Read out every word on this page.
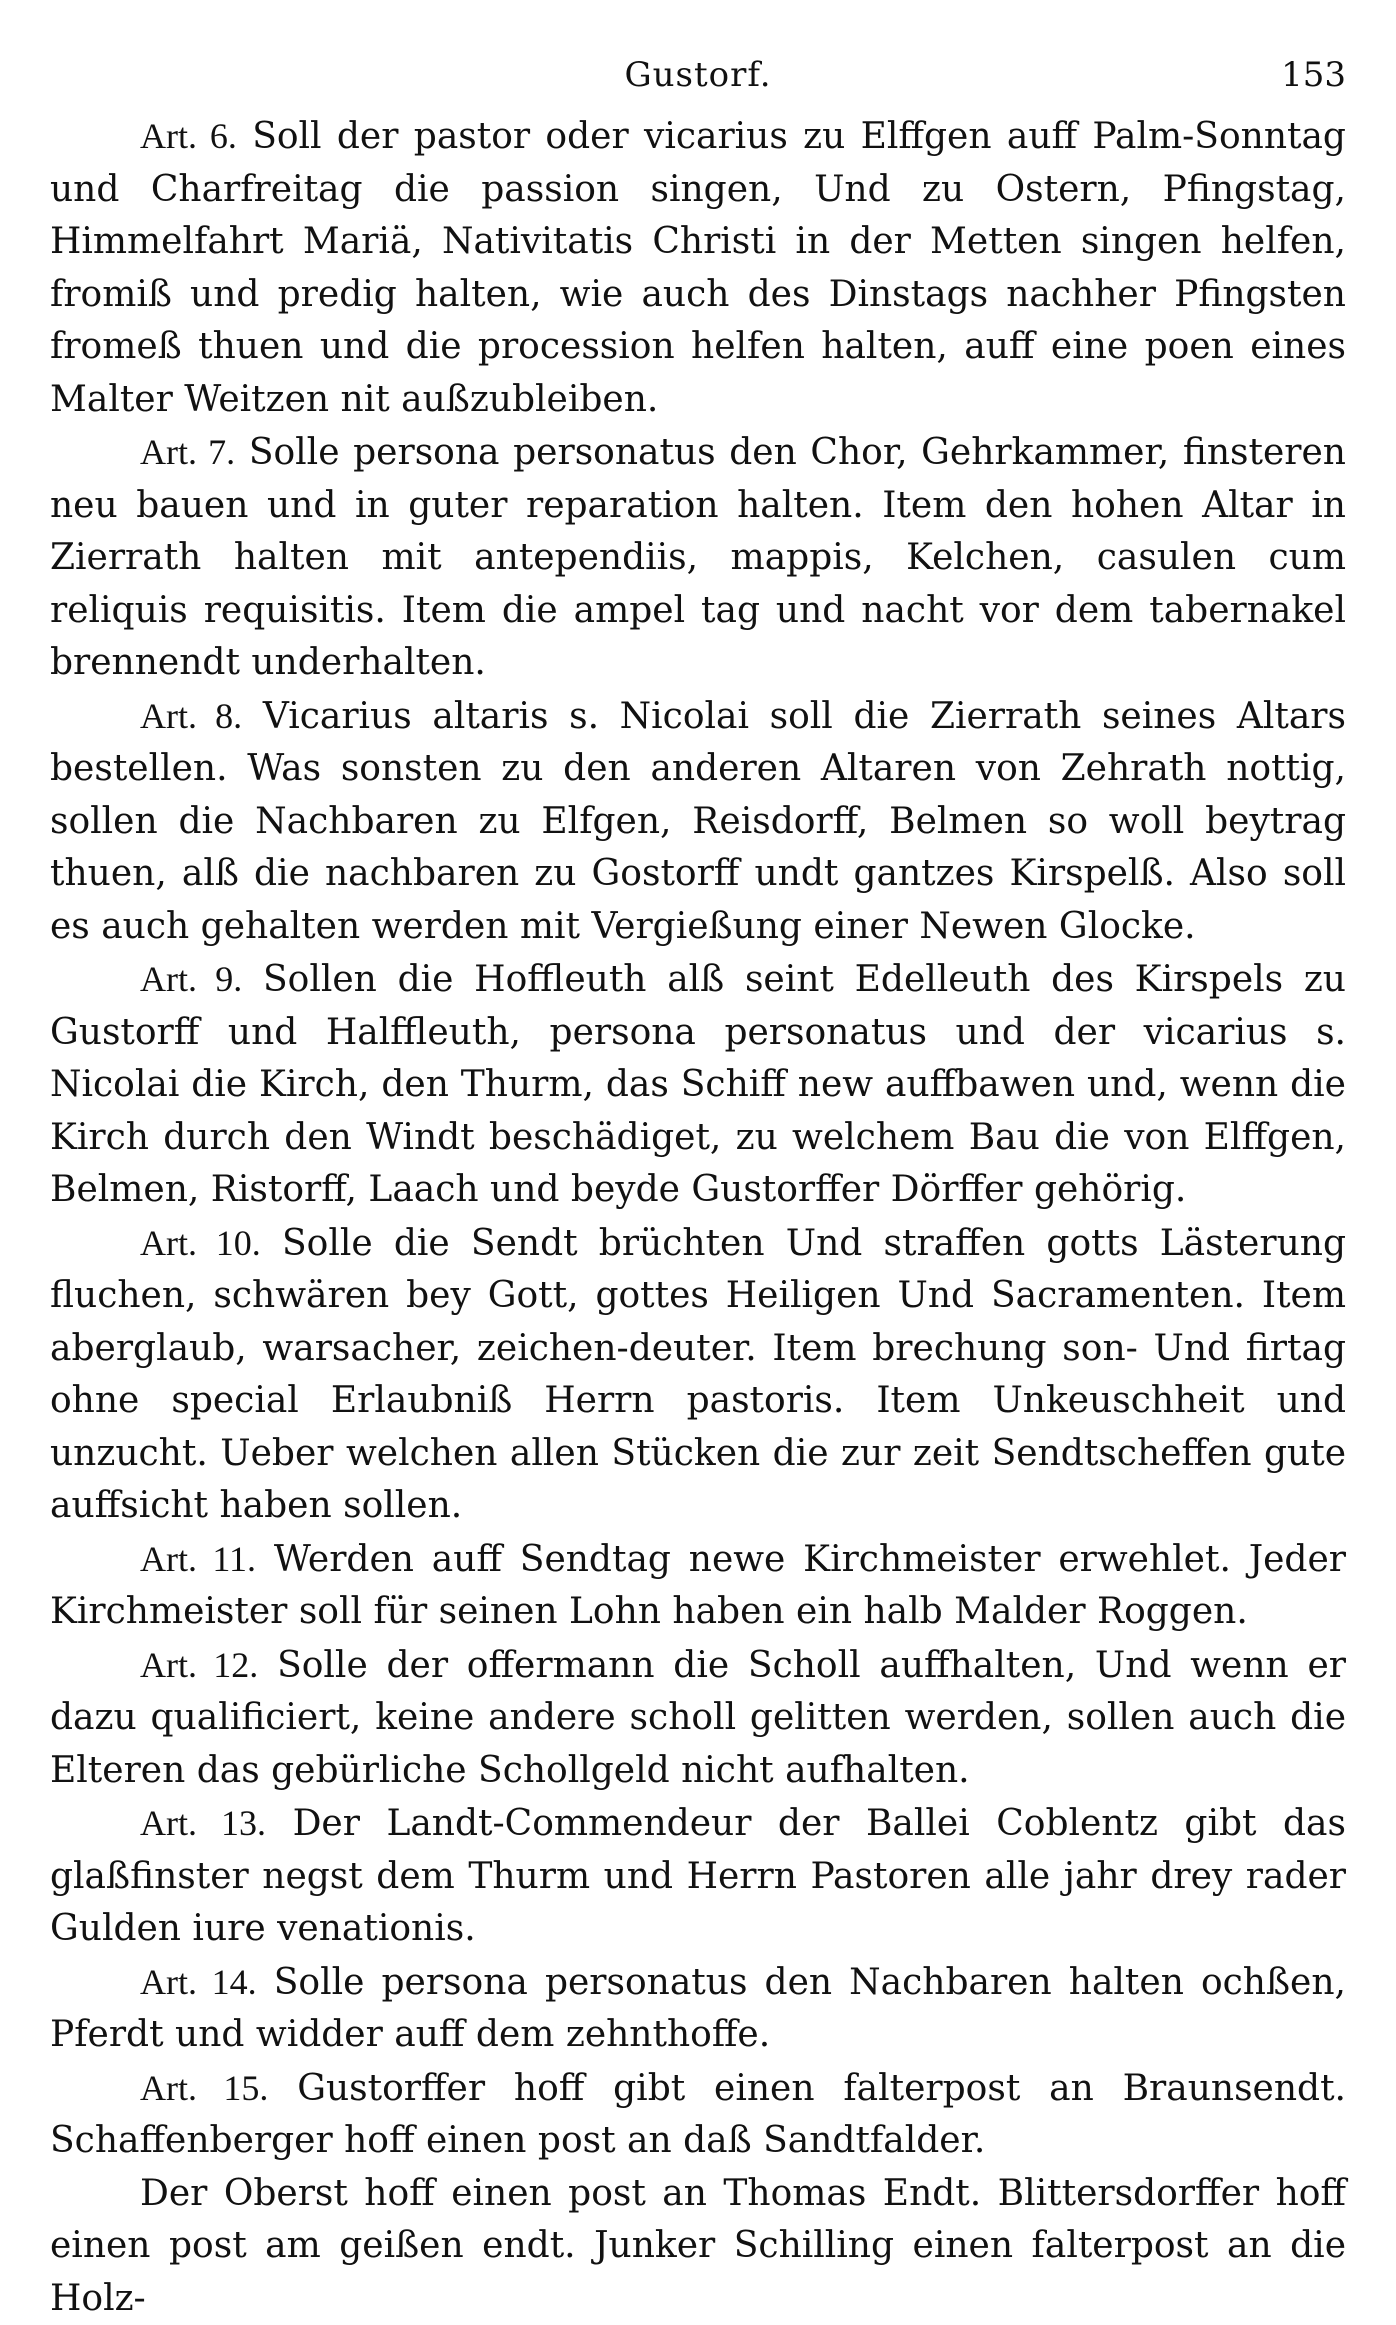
Gustorf.	153

Art. 6. Soll der pastor oder vicarius zu Elffgen auff Palm-Sonntag und Charfreitag die passion singen, Und zu Ostern, Pfingstag, Himmelfahrt Mariä, Nativitatis Christi in der Metten singen helfen, fromiß und predig halten, wie auch des Dinstags nachher Pfingsten fromeß thuen und die procession helfen halten, auff eine poen eines Malter Weitzen nit außzubleiben.

Art. 7. Solle persona personatus den Chor, Gehrkammer, finsteren neu bauen und in guter reparation halten. Item den hohen Altar in Zierrath halten mit antependiis, mappis, Kelchen, casulen cum reliquis requisitis. Item die ampel tag und nacht vor dem tabernakel brennendt underhalten.

Art. 8. Vicarius altaris s. Nicolai soll die Zierrath seines Altars bestellen. Was sonsten zu den anderen Altaren von Zehrath nottig, sollen die Nachbaren zu Elfgen, Reisdorff, Belmen so woll beytrag thuen, alß die nachbaren zu Gostorff undt gantzes Kirspelß. Also soll es auch gehalten werden mit Vergießung einer Newen Glocke.

Art. 9. Sollen die Hoffleuth alß seint Edelleuth des Kirspels zu Gustorff und Halffleuth, persona personatus und der vicarius s. Nicolai die Kirch, den Thurm, das Schiff new auffbawen und, wenn die Kirch durch den Windt beschädiget, zu welchem Bau die von Elffgen, Belmen, Ristorff, Laach und beyde Gustorffer Dörffer gehörig.

Art. 10. Solle die Sendt brüchten Und straffen gotts Lästerung fluchen, schwären bey Gott, gottes Heiligen Und Sacramenten. Item aberglaub, warsacher, zeichen-deuter. Item brechung son- Und firtag ohne special Erlaubniß Herrn pastoris. Item Unkeuschheit und unzucht. Ueber welchen allen Stücken die zur zeit Sendtscheffen gute auffsicht haben sollen.

Art. 11. Werden auff Sendtag newe Kirchmeister erwehlet. Jeder Kirchmeister soll für seinen Lohn haben ein halb Malder Roggen.

Art. 12. Solle der offermann die Scholl auffhalten, Und wenn er dazu qualificiert, keine andere scholl gelitten werden, sollen auch die Elteren das gebürliche Schollgeld nicht aufhalten.

Art. 13. Der Landt-Commendeur der Ballei Coblentz gibt das glaßfinster negst dem Thurm und Herrn Pastoren alle jahr drey rader Gulden iure venationis.

Art. 14. Solle persona personatus den Nachbaren halten ochßen, Pferdt und widder auff dem zehnthoffe.

Art. 15. Gustorffer hoff gibt einen falterpost an Braunsendt. Schaffenberger hoff einen post an daß Sandtfalder.

Der Oberst hoff einen post an Thomas Endt. Blittersdorffer hoff einen post am geißen endt. Junker Schilling einen falterpost an die Holz-
